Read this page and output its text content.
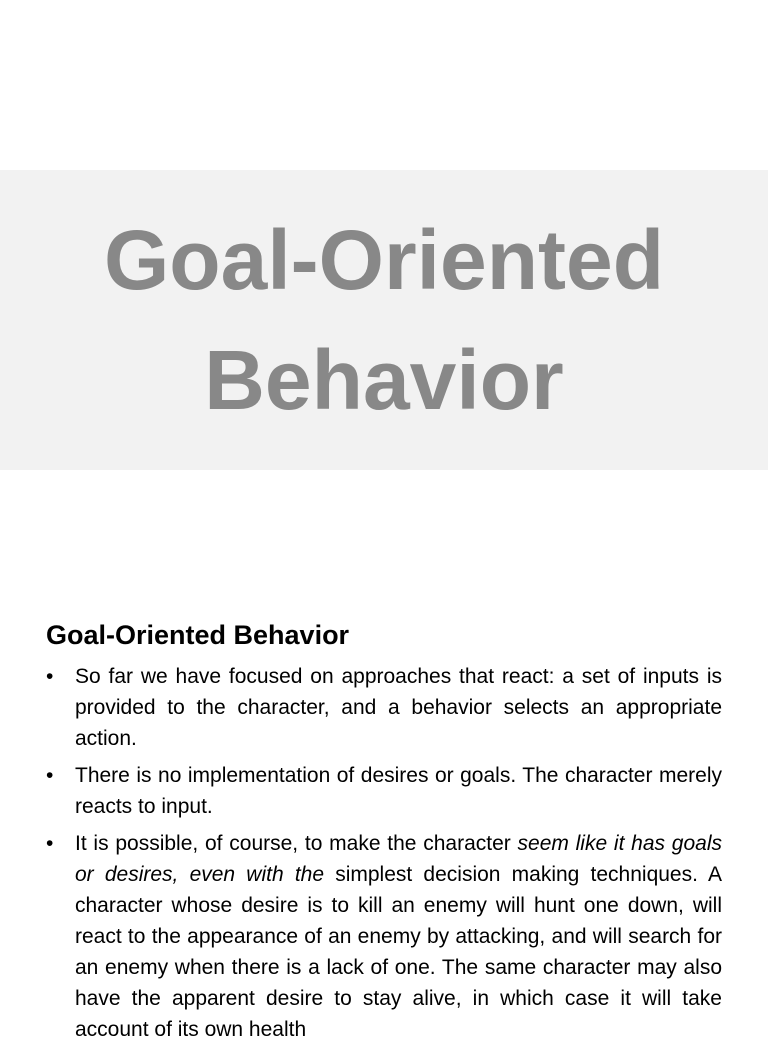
Goal-Oriented
Behavior
Goal-Oriented Behavior
• So far we have focused on approaches that react: a set of inputs is provided to the character, and a behavior selects an appropriate action.
• There is no implementation of desires or goals. The character merely reacts to input.
• It is possible, of course, to make the character seem like it has goals or desires, even with the simplest decision making techniques. A character whose desire is to kill an enemy will hunt one down, will react to the appearance of an enemy by attacking, and will search for an enemy when there is a lack of one. The same character may also have the apparent desire to stay alive, in which case it will take account of its own health
